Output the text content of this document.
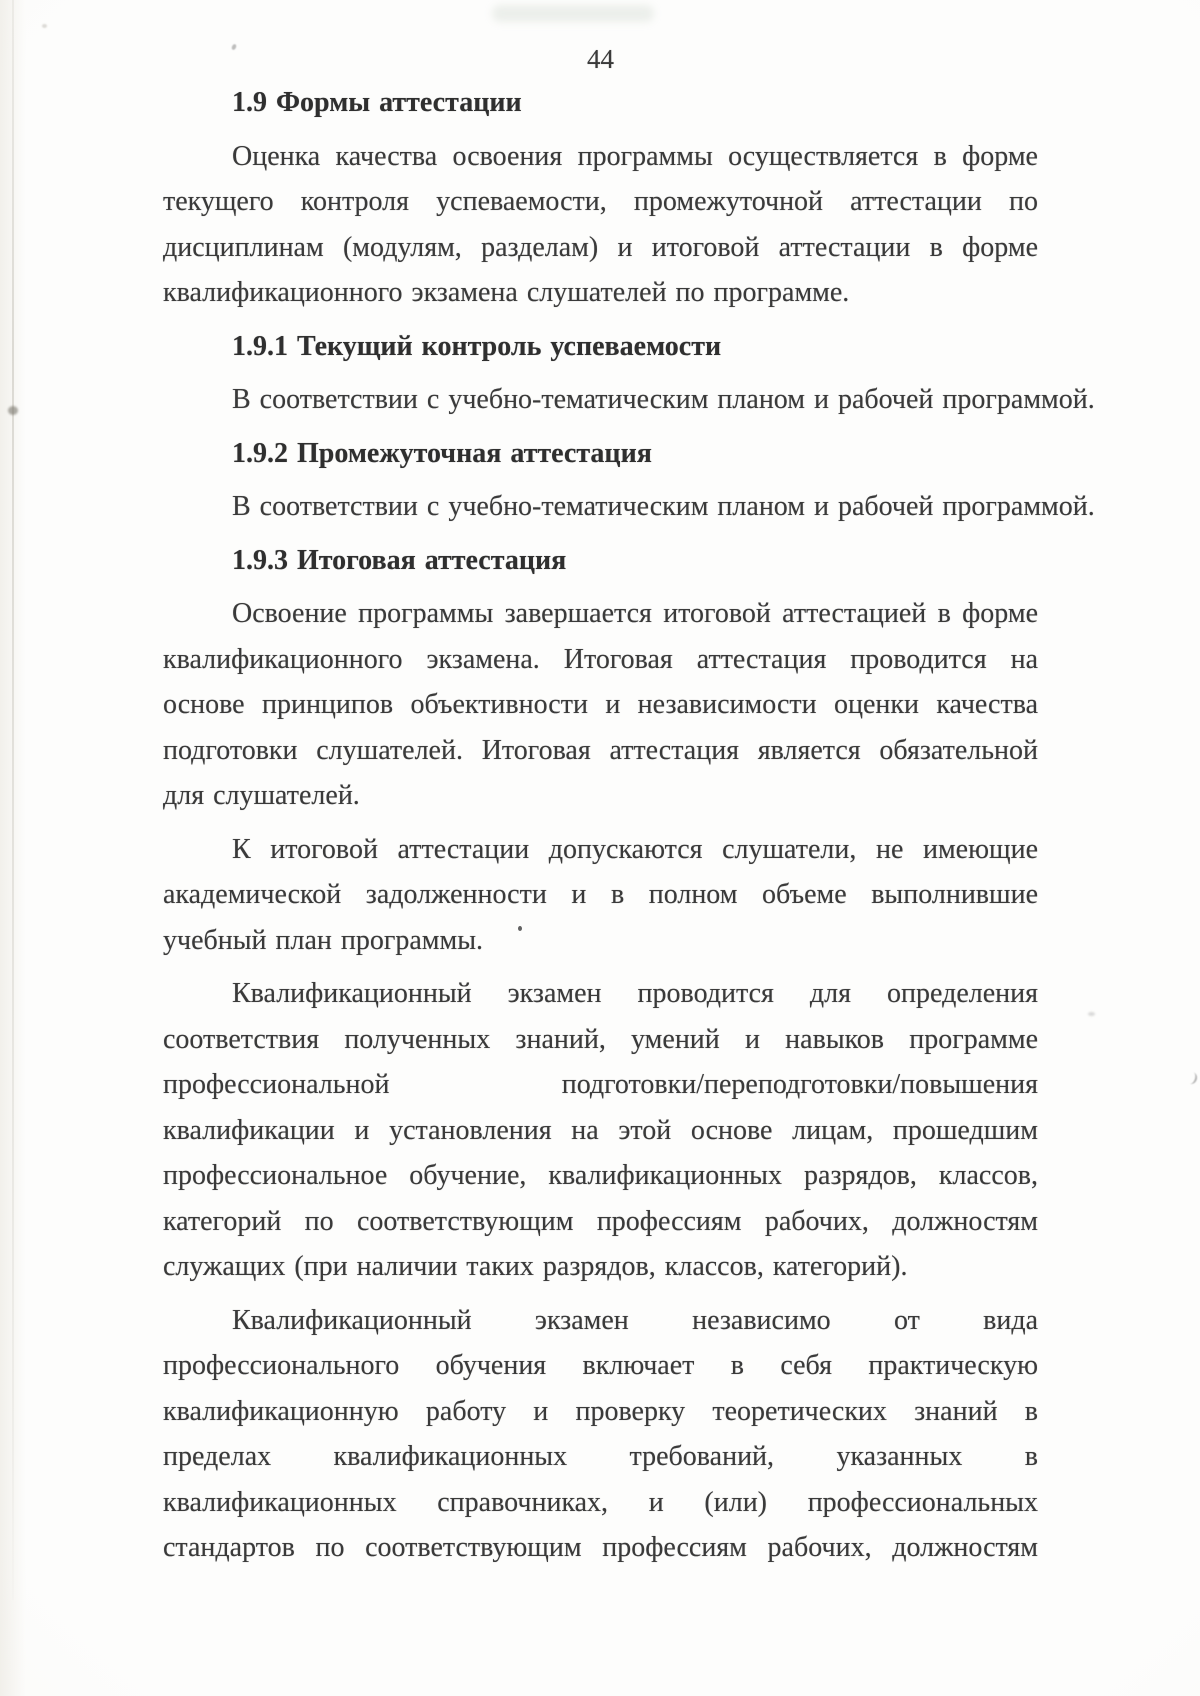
44
1.9 Формы аттестации
Оценка качества освоения программы осуществляется в форме текущего контроля успеваемости, промежуточной аттестации по дисциплинам (модулям, разделам) и итоговой аттестации в форме квалификационного экзамена слушателей по программе.
1.9.1 Текущий контроль успеваемости
В соответствии с учебно-тематическим планом и рабочей программой.
1.9.2 Промежуточная аттестация
В соответствии с учебно-тематическим планом и рабочей программой.
1.9.3 Итоговая аттестация
Освоение программы завершается итоговой аттестацией в форме квалификационного экзамена. Итоговая аттестация проводится на основе принципов объективности и независимости оценки качества подготовки слушателей. Итоговая аттестация является обязательной для слушателей.
К итоговой аттестации допускаются слушатели, не имеющие академической задолженности и в полном объеме выполнившие учебный план программы.
Квалификационный экзамен проводится для определения соответствия полученных знаний, умений и навыков программе профессиональной подготовки/переподготовки/повышения квалификации и установления на этой основе лицам, прошедшим профессиональное обучение, квалификационных разрядов, классов, категорий по соответствующим профессиям рабочих, должностям служащих (при наличии таких разрядов, классов, категорий).
Квалификационный экзамен независимо от вида профессионального обучения включает в себя практическую квалификационную работу и проверку теоретических знаний в пределах квалификационных требований, указанных в квалификационных справочниках, и (или) профессиональных стандартов по соответствующим профессиям рабочих, должностям
